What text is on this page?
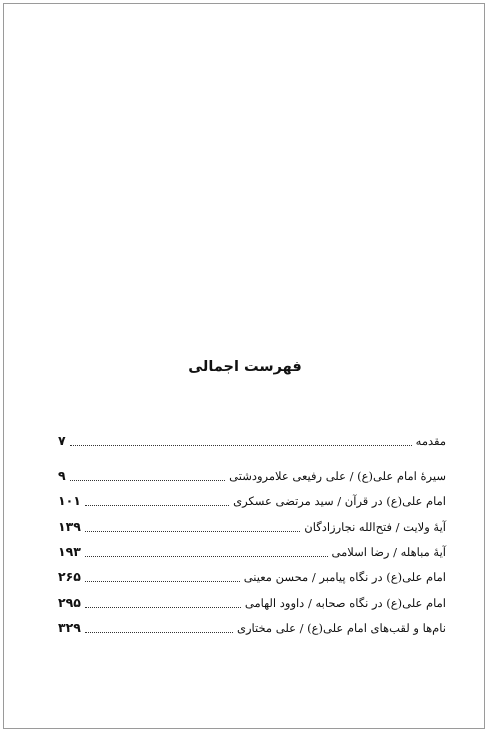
فهرست اجمالی
مقدمه
۷
سیرهٔ امام علی(ع) / علی رفیعی علامرودشتی
۹
امام علی(ع) در قرآن / سید مرتضی عسکری
۱۰۱
آیهٔ ولایت / فتح‌الله نجارزادگان
۱۳۹
آیهٔ مباهله / رضا اسلامی
۱۹۳
امام علی(ع) در نگاه پیامبر / محسن معینی
۲۶۵
امام علی(ع) در نگاه صحابه / داوود الهامی
۲۹۵
نام‌ها و لقب‌های امام علی(ع) / علی مختاری
۳۲۹
